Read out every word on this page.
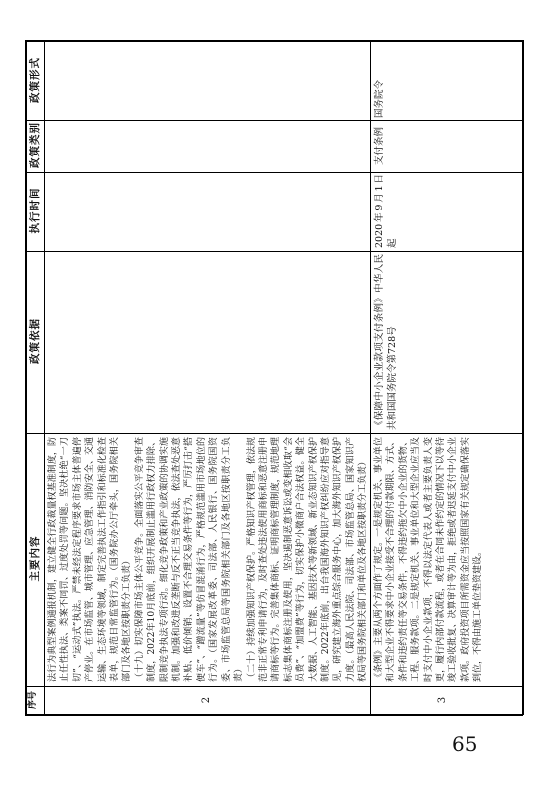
政策形式
政策类别
执行时间
政策依据
主要内容
序号	2

法行为典型案例通报机制，建立健全行政裁量权基准制度，防止任性执法、类案不同罚、过度处罚等问题。坚决杜绝“一刀切”、“运动式”执法。严禁未经法定程序要求市场主体普遍停产停业。在市场监管、城市管理、应急管理、消防安全、交通运输、生态环境等领域，制定完善执法工作指引和标准化检查表单，规范日常监管行为。（国务院办公厅牵头，国务院相关部门及各地区按职责分工负责） （十九）切实保障市场主体公平竞争。全面落实公平竞争审查制度，2022年10月底前，组织开展制止滥用行政权力排除、限制竞争执法专项行动。细化竞争政策和产业政策的协调实施机制。加强和改进反垄断与反不正当竞争执法，依法查处恶意补贴、低价倾销、设置不合理交易条件等行为，严厉打击“搭便车”、“蹭流量”等仿冒混淆行为，严格规范滥用市场地位的行为。（国家发展改革委、司法部、人民银行、国务院国资委、市场监管总局等国务院相关部门及各地区按职责分工负责） （二十）持续加强知识产权保护。严格知识产权管理，依法规范非正常专利申请行为，及时查处违法使用商标和恶意注册申请商标等行为。完善集体商标、证明商标管理制度，规范地理标志集体商标注册及使用，坚决遏制恶意诉讼或变相收取“会员费”、“加盟费”等行为，切实保护小微商户合法权益。健全大数据、人工智能、基因技术等新领域、新业态知识产权保护制度。2022年底前，出台我国海外知识产权纠纷应对指导意见，研究建立海外重点综合服务中心，加大海外知识产权保护力度。（最高人民法院、司法部、市场监管总局、国家知识产权局等国务院相关部门和单位及各地区按职责分工负责）

3

《条例》主要从两个方面作了规定。一是规定机关、事业单位和大型企业不得要求中小企业接受不合理的付款期限、方式、条件和违约责任等交易条件，不得违约拖欠中小企业的货物、工程、服务款项。二是规定机关、事业单位和大型企业应当及时支付中小企业款项，不得以法定代表人或者主要负责人变更，履行内部付款流程，或者在合同未作约定的情况下以等待竣工验收批复、决算审计等为由，拒绝或者迟延支付中小企业款项。政府投资项目所需资金应当按照国家有关规定确保落实到位，不得由施工单位垫资建设。

《保障中小企业款项支付条例》中华人民共和国国务院令第728号

2020年9月1日起

支付条例

国务院令

65
